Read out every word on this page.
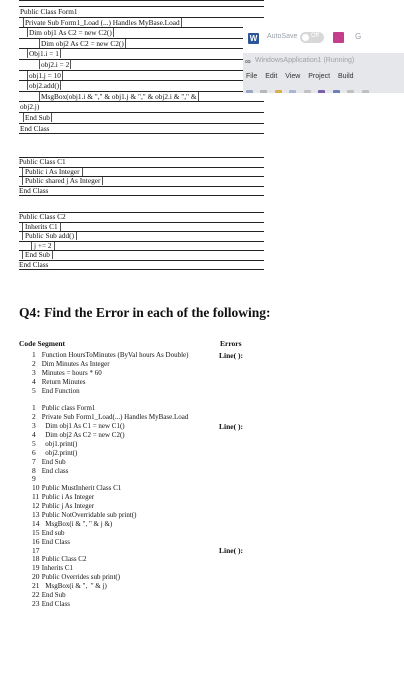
Public Class Form1
Private Sub Form1_Load (...) Handles MyBase.Load
Dim obj1 As C2 = new C2()
Dim obj2 As C2 = new C2()
Obj1.i = 1
obj2.i = 2
obj1.j = 10
obj2.add()
MsgBox(obj1.i & "," & obj1.j & "," & obj2.i & "," &
obj2.j)
End Sub
End Class
W AutoSave Off	G
∞ WindowsApplication1 (Running)
File Edit View Project Build

Public Class C1
Public i As Integer
Public shared j As Integer
End Class
Public Class C2
Inherits C1
Public Sub add()
j += 2
End Sub
End Class
Q4: Find the Error in each of the following:
Code Segment	Errors
Line( ):
Line( ):
Line( ):
1 Function HoursToMinutes (ByVal hours As Double)
2 Dim Minutes As Integer
3 Minutes = hours * 60
4 Return Minutes
5 End Function
1 Public class Form1
2 Private Sub Form1_Load(...) Handles MyBase.Load
3   Dim obj1 As C1 = new C1()
4   Dim obj2 As C2 = new C2()
5   obj1.print()
6   obj2.print()
7 End Sub
8 End class
9
10 Public MustInherit Class C1
11 Public i As Integer
12 Public j As Integer
13 Public NotOverridable sub print()
14   MsgBox(i & ", " & j &)
15 End sub
16 End Class
17
18 Public Class C2
19 Inherits C1
20 Public Overrides sub print()
21   MsgBox(i & ",  " & j)
22 End Sub
23 End Class
